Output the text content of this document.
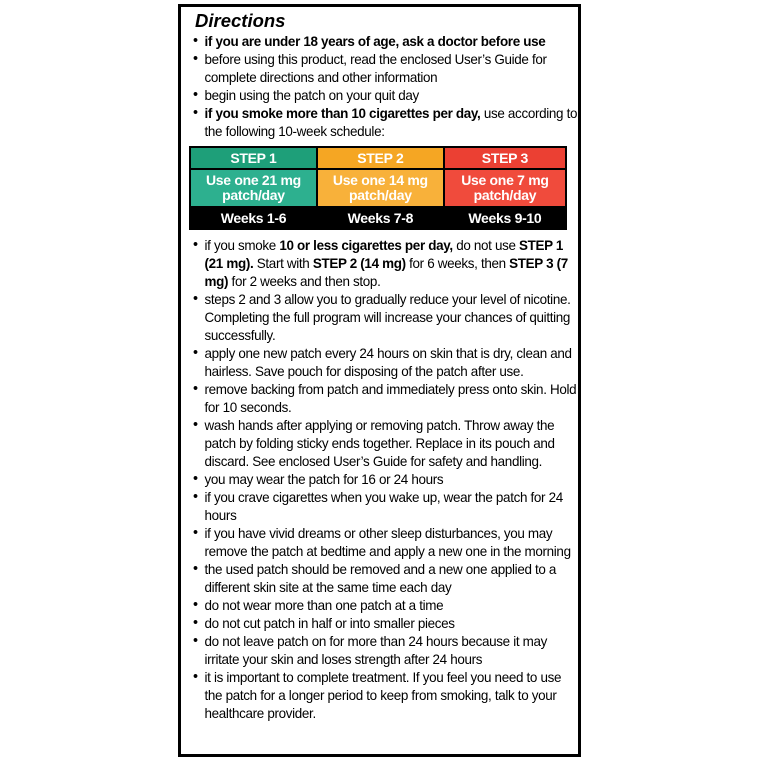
Directions
• if you are under 18 years of age, ask a doctor before use
• before using this product, read the enclosed User’s Guide for complete directions and other information
• begin using the patch on your quit day
• if you smoke more than 10 cigarettes per day, use according to the following 10-week schedule:
STEP 1	STEP 2	STEP 3
Use one 21 mg patch/day	Use one 14 mg patch/day	Use one 7 mg patch/day
Weeks 1-6	Weeks 7-8	Weeks 9-10
• if you smoke 10 or less cigarettes per day, do not use STEP 1 (21 mg). Start with STEP 2 (14 mg) for 6 weeks, then STEP 3 (7 mg) for 2 weeks and then stop.
• steps 2 and 3 allow you to gradually reduce your level of nicotine. Completing the full program will increase your chances of quitting successfully.
• apply one new patch every 24 hours on skin that is dry, clean and hairless. Save pouch for disposing of the patch after use.
• remove backing from patch and immediately press onto skin. Hold for 10 seconds.
• wash hands after applying or removing patch. Throw away the patch by folding sticky ends together. Replace in its pouch and discard. See enclosed User’s Guide for safety and handling.
• you may wear the patch for 16 or 24 hours
• if you crave cigarettes when you wake up, wear the patch for 24 hours
• if you have vivid dreams or other sleep disturbances, you may remove the patch at bedtime and apply a new one in the morning
• the used patch should be removed and a new one applied to a different skin site at the same time each day
• do not wear more than one patch at a time
• do not cut patch in half or into smaller pieces
• do not leave patch on for more than 24 hours because it may irritate your skin and loses strength after 24 hours
• it is important to complete treatment. If you feel you need to use the patch for a longer period to keep from smoking, talk to your healthcare provider.
